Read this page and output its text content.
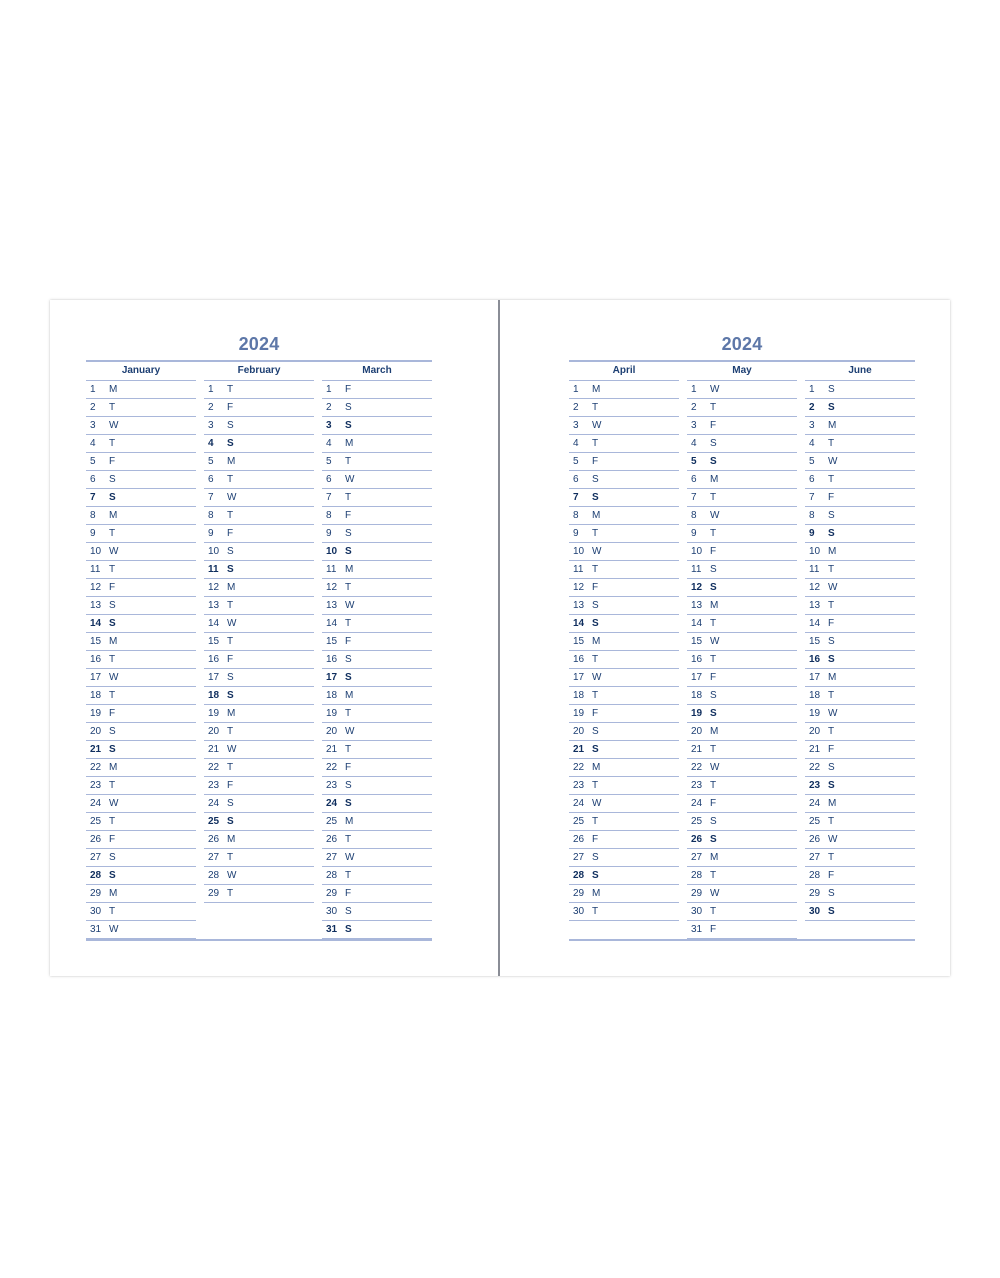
2024
January
1 M
2 T
3 W
4 T
5 F
6 S
7 S
8 M
9 T
10 W
11 T
12 F
13 S
14 S
15 M
16 T
17 W
18 T
19 F
20 S
21 S
22 M
23 T
24 W
25 T
26 F
27 S
28 S
29 M
30 T
31 W
February
1 T
2 F
3 S
4 S
5 M
6 T
7 W
8 T
9 F
10 S
11 S
12 M
13 T
14 W
15 T
16 F
17 S
18 S
19 M
20 T
21 W
22 T
23 F
24 S
25 S
26 M
27 T
28 W
29 T
March
1 F
2 S
3 S
4 M
5 T
6 W
7 T
8 F
9 S
10 S
11 M
12 T
13 W
14 T
15 F
16 S
17 S
18 M
19 T
20 W
21 T
22 F
23 S
24 S
25 M
26 T
27 W
28 T
29 F
30 S
31 S
2024
April
1 M
2 T
3 W
4 T
5 F
6 S
7 S
8 M
9 T
10 W
11 T
12 F
13 S
14 S
15 M
16 T
17 W
18 T
19 F
20 S
21 S
22 M
23 T
24 W
25 T
26 F
27 S
28 S
29 M
30 T
May
1 W
2 T
3 F
4 S
5 S
6 M
7 T
8 W
9 T
10 F
11 S
12 S
13 M
14 T
15 W
16 T
17 F
18 S
19 S
20 M
21 T
22 W
23 T
24 F
25 S
26 S
27 M
28 T
29 W
30 T
31 F
June
1 S
2 S
3 M
4 T
5 W
6 T
7 F
8 S
9 S
10 M
11 T
12 W
13 T
14 F
15 S
16 S
17 M
18 T
19 W
20 T
21 F
22 S
23 S
24 M
25 T
26 W
27 T
28 F
29 S
30 S
